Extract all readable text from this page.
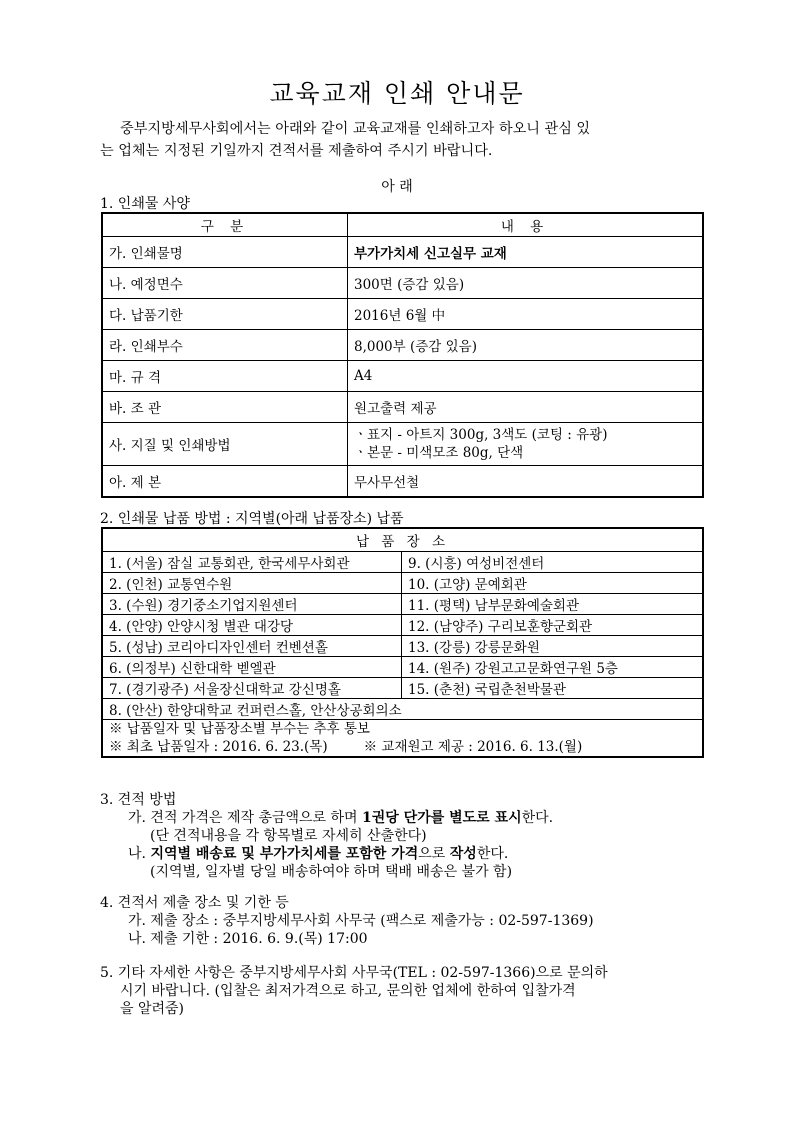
교육교재 인쇄 안내문
중부지방세무사회에서는 아래와 같이 교육교재를 인쇄하고자 하오니 관심 있
는 업체는 지정된 기일까지 견적서를 제출하여 주시기 바랍니다.
아 래
1. 인쇄물 사양
구 분	내 용
가. 인쇄물명	부가가치세 신고실무 교재
나. 예정면수	300면 (증감 있음)
다. 납품기한	2016년 6월 中
라. 인쇄부수	8,000부 (증감 있음)
마. 규 격	A4
바. 조 관	원고출력 제공
사. 지질 및 인쇄방법	ㆍ표지 - 아트지 300g, 3색도 (코팅 : 유광)
ㆍ본문 - 미색모조 80g, 단색

아. 제 본	무사무선철
2. 인쇄물 납품 방법 : 지역별(아래 납품장소) 납품
납 품 장 소	
1. (서울) 잠실 교통회관, 한국세무사회관	9. (시흥) 여성비전센터
2. (인천) 교통연수원	10. (고양) 문예회관
3. (수원) 경기중소기업지원센터	11. (평택) 남부문화예술회관
4. (안양) 안양시청 별관 대강당	12. (남양주) 구리보훈향군회관
5. (성남) 코리아디자인센터 컨벤션홀	13. (강릉) 강릉문화원
6. (의정부) 신한대학 벧엘관	14. (원주) 강원고고문화연구원 5층
7. (경기광주) 서울장신대학교 강신명홀	15. (춘천) 국립춘천박물관
8. (안산) 한양대학교 컨퍼런스홀, 안산상공회의소	

※ 납품일자 및 납품장소별 부수는 추후 통보
※ 최초 납품일자 : 2016. 6. 23.(목) ※ 교재원고 제공 : 2016. 6. 13.(월)	
3. 견적 방법
가. 견적 가격은 제작 총금액으로 하며 1권당 단가를 별도로 표시한다.
(단 견적내용을 각 항목별로 자세히 산출한다)
나. 지역별 배송료 및 부가가치세를 포함한 가격으로 작성한다.
(지역별, 일자별 당일 배송하여야 하며 택배 배송은 불가 함)
4. 견적서 제출 장소 및 기한 등
가. 제출 장소 : 중부지방세무사회 사무국 (팩스로 제출가능 : 02-597-1369)
나. 제출 기한 : 2016. 6. 9.(목) 17:00
5. 기타 자세한 사항은 중부지방세무사회 사무국(TEL : 02-597-1366)으로 문의하
시기 바랍니다. (입찰은 최저가격으로 하고, 문의한 업체에 한하여 입찰가격
을 알려줌)
